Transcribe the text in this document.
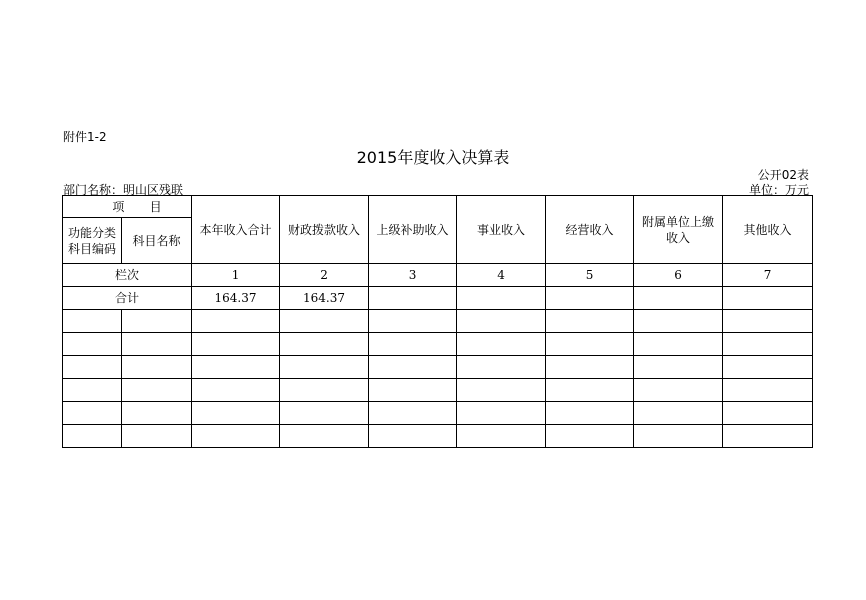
附件1-2
2015年度收入决算表
公开02表
部门名称：明山区残联	单位：万元
项 目		本年收入合计	财政拨款收入	上级补助收入	事业收入	经营收入	附属单位上缴收入	其他收入
功能分类科目编码	科目名称							
栏次		1	2	3	4	5	6	7
合计		164.37	164.37					
